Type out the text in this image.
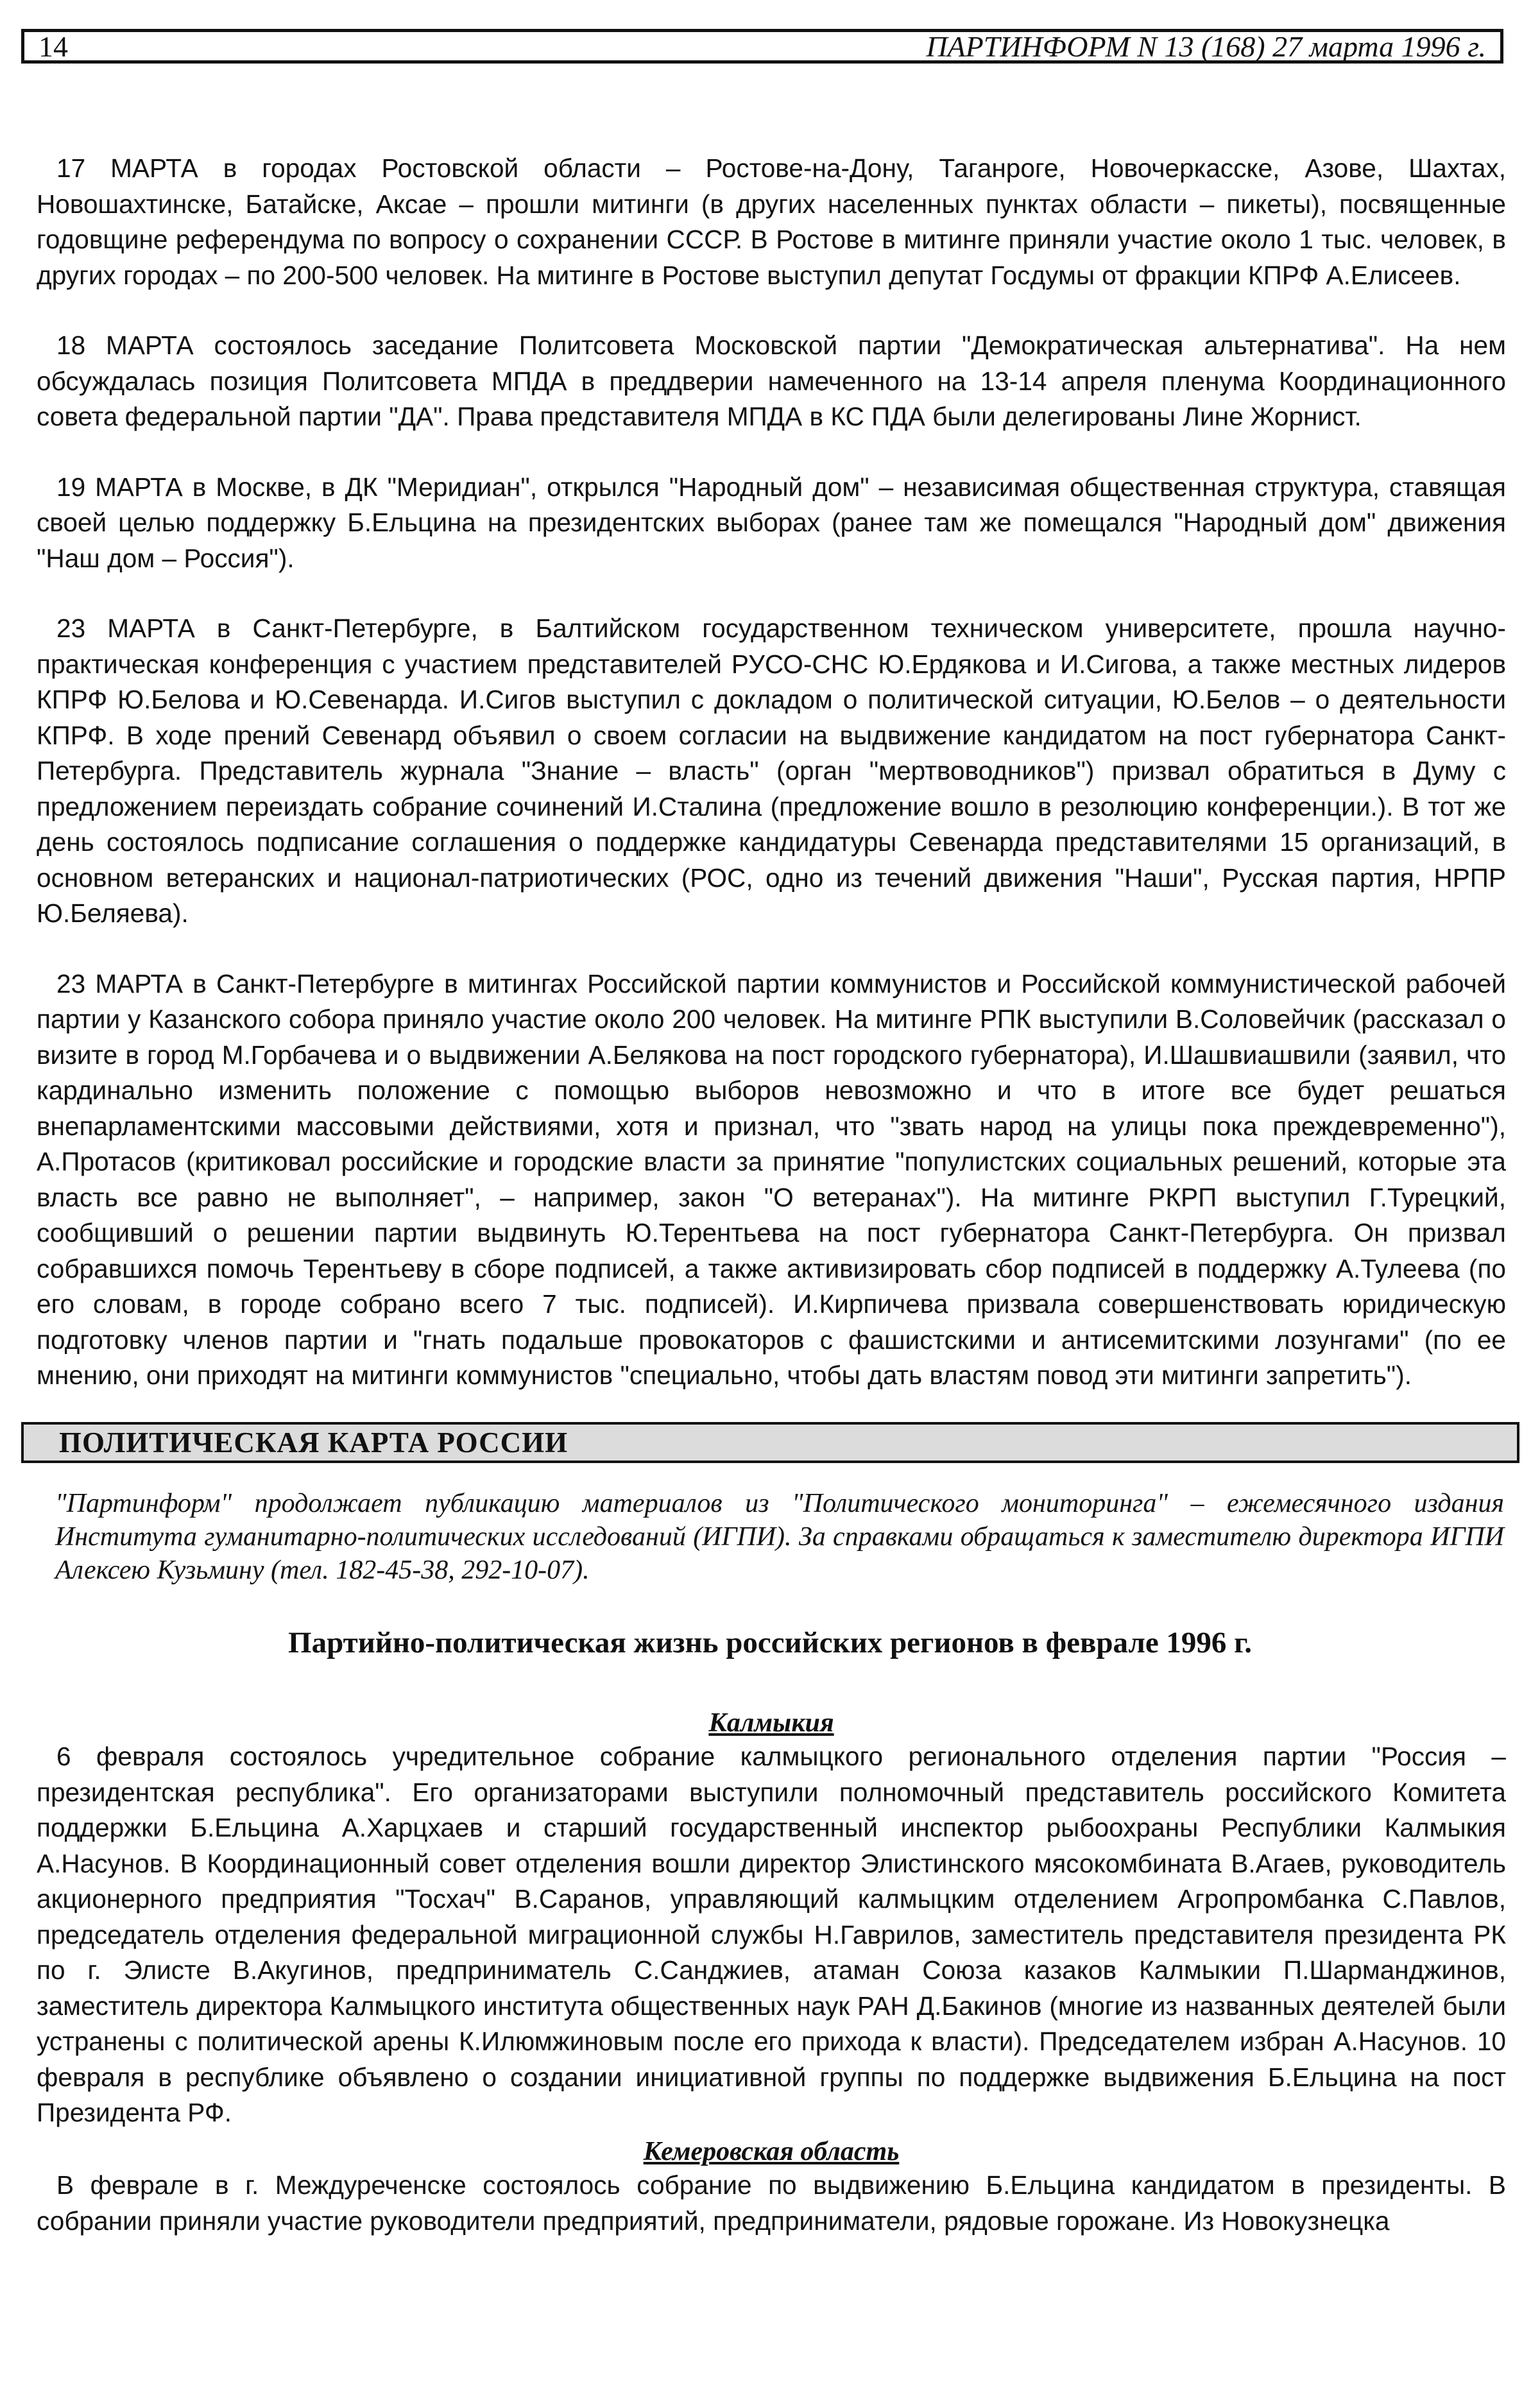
14	ПАРТИНФОРМ N 13 (168) 27 марта 1996 г.

17 МАРТА в городах Ростовской области – Ростове-на-Дону, Таганроге, Новочеркасске, Азове, Шахтах, Новошахтинске, Батайске, Аксае – прошли митинги (в других населенных пунктах области – пикеты), посвященные годовщине референдума по вопросу о сохранении СССР. В Ростове в митинге приняли участие около 1 тыс. человек, в других городах – по 200-500 человек. На митинге в Ростове выступил депутат Госдумы от фракции КПРФ А.Елисеев.

18 МАРТА состоялось заседание Политсовета Московской партии "Демократическая альтернатива". На нем обсуждалась позиция Политсовета МПДА в преддверии намеченного на 13-14 апреля пленума Координационного совета федеральной партии "ДА". Права представителя МПДА в КС ПДА были делегированы Лине Жорнист.

19 МАРТА в Москве, в ДК "Меридиан", открылся "Народный дом" – независимая общественная структура, ставящая своей целью поддержку Б.Ельцина на президентских выборах (ранее там же помещался "Народный дом" движения "Наш дом – Россия").

23 МАРТА в Санкт-Петербурге, в Балтийском государственном техническом университете, прошла научно-практическая конференция с участием представителей РУСО-СНС Ю.Ердякова и И.Сигова, а также местных лидеров КПРФ Ю.Белова и Ю.Севенарда. И.Сигов выступил с докладом о политической ситуации, Ю.Белов – о деятельности КПРФ. В ходе прений Севенард объявил о своем согласии на выдвижение кандидатом на пост губернатора Санкт-Петербурга. Представитель журнала "Знание – власть" (орган "мертвоводников") призвал обратиться в Думу с предложением переиздать собрание сочинений И.Сталина (предложение вошло в резолюцию конференции.). В тот же день состоялось подписание соглашения о поддержке кандидатуры Севенарда представителями 15 организаций, в основном ветеранских и национал-патриотических (РОС, одно из течений движения "Наши", Русская партия, НРПР Ю.Беляева).

23 МАРТА в Санкт-Петербурге в митингах Российской партии коммунистов и Российской коммунистической рабочей партии у Казанского собора приняло участие около 200 человек. На митинге РПК выступили В.Соловейчик (рассказал о визите в город М.Горбачева и о выдвижении А.Белякова на пост городского губернатора), И.Шашвиашвили (заявил, что кардинально изменить положение с помощью выборов невозможно и что в итоге все будет решаться внепарламентскими массовыми действиями, хотя и признал, что "звать народ на улицы пока преждевременно"), А.Протасов (критиковал российские и городские власти за принятие "популистских социальных решений, которые эта власть все равно не выполняет", – например, закон "О ветеранах"). На митинге РКРП выступил Г.Турецкий, сообщивший о решении партии выдвинуть Ю.Терентьева на пост губернатора Санкт-Петербурга. Он призвал собравшихся помочь Терентьеву в сборе подписей, а также активизировать сбор подписей в поддержку А.Тулеева (по его словам, в городе собрано всего 7 тыс. подписей). И.Кирпичева призвала совершенствовать юридическую подготовку членов партии и "гнать подальше провокаторов с фашистскими и антисемитскими лозунгами" (по ее мнению, они приходят на митинги коммунистов "специально, чтобы дать властям повод эти митинги запретить").

ПОЛИТИЧЕСКАЯ КАРТА РОССИИ

"Партинформ" продолжает публикацию материалов из "Политического мониторинга" – ежемесячного издания Института гуманитарно-политических исследований (ИГПИ). За справками обращаться к заместителю директора ИГПИ Алексею Кузьмину (тел. 182-45-38, 292-10-07).

Партийно-политическая жизнь российских регионов в феврале 1996 г.

Калмыкия

6 февраля состоялось учредительное собрание калмыцкого регионального отделения партии "Россия – президентская республика". Его организаторами выступили полномочный представитель российского Комитета поддержки Б.Ельцина А.Харцхаев и старший государственный инспектор рыбоохраны Республики Калмыкия А.Насунов. В Координационный совет отделения вошли директор Элистинского мясокомбината В.Агаев, руководитель акционерного предприятия "Тосхач" В.Саранов, управляющий калмыцким отделением Агропромбанка С.Павлов, председатель отделения федеральной миграционной службы Н.Гаврилов, заместитель представителя президента РК по г. Элисте В.Акугинов, предприниматель С.Санджиев, атаман Союза казаков Калмыкии П.Шарманджинов, заместитель директора Калмыцкого института общественных наук РАН Д.Бакинов (многие из названных деятелей были устранены с политической арены К.Илюмжиновым после его прихода к власти). Председателем избран А.Насунов. 10 февраля в республике объявлено о создании инициативной группы по поддержке выдвижения Б.Ельцина на пост Президента РФ.

Кемеровская область

В феврале в г. Междуреченске состоялось собрание по выдвижению Б.Ельцина кандидатом в президенты. В собрании приняли участие руководители предприятий, предприниматели, рядовые горожане. Из Новокузнецка
